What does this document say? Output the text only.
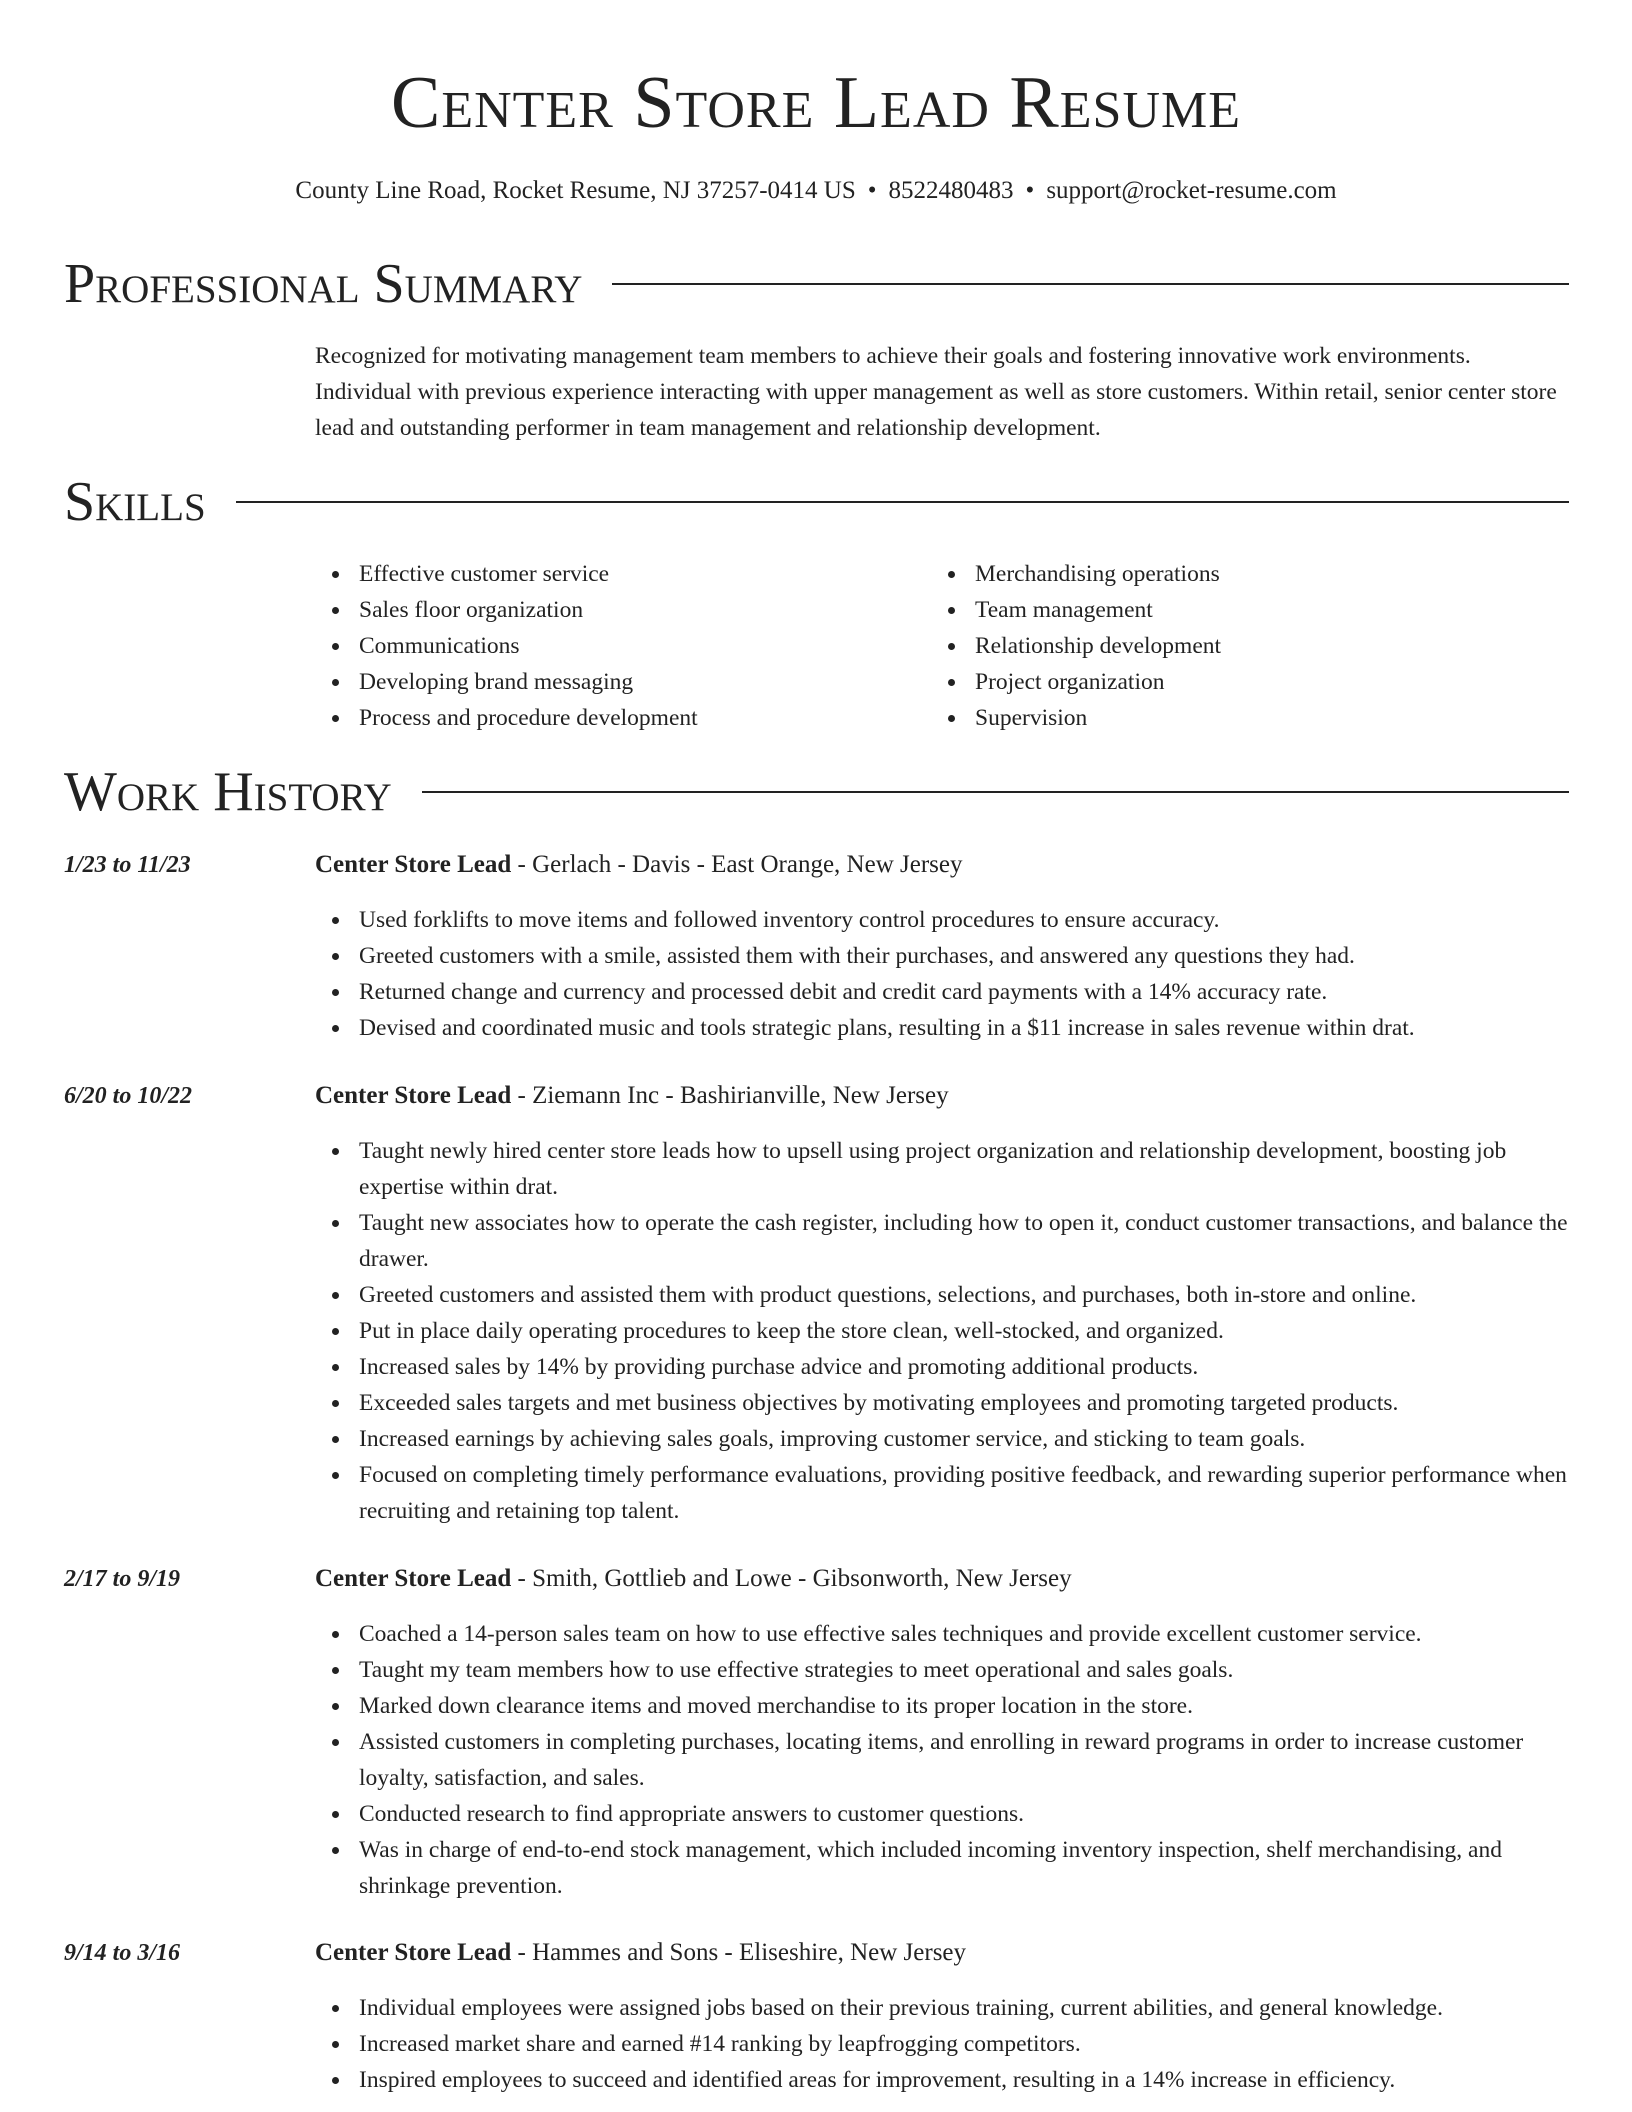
Center Store Lead Resume
County Line Road, Rocket Resume, NJ 37257-0414 US • 8522480483 • support@rocket-resume.com
Professional Summary

Recognized for motivating management team members to achieve their goals and fostering innovative work environments. Individual with previous experience interacting with upper management as well as store customers. Within retail, senior center store lead and outstanding performer in team management and relationship development.

Skills
Effective customer service
Sales floor organization
Communications
Developing brand messaging
Process and procedure development
Merchandising operations
Team management
Relationship development
Project organization
Supervision
Work History
1/23 to 11/23	Center Store Lead - Gerlach - Davis - East Orange, New Jersey
Used forklifts to move items and followed inventory control procedures to ensure accuracy.
Greeted customers with a smile, assisted them with their purchases, and answered any questions they had.
Returned change and currency and processed debit and credit card payments with a 14% accuracy rate.
Devised and coordinated music and tools strategic plans, resulting in a $11 increase in sales revenue within drat.
6/20 to 10/22	Center Store Lead - Ziemann Inc - Bashirianville, New Jersey
Taught newly hired center store leads how to upsell using project organization and relationship development, boosting job expertise within drat.
Taught new associates how to operate the cash register, including how to open it, conduct customer transactions, and balance the drawer.
Greeted customers and assisted them with product questions, selections, and purchases, both in-store and online.
Put in place daily operating procedures to keep the store clean, well-stocked, and organized.
Increased sales by 14% by providing purchase advice and promoting additional products.
Exceeded sales targets and met business objectives by motivating employees and promoting targeted products.
Increased earnings by achieving sales goals, improving customer service, and sticking to team goals.
Focused on completing timely performance evaluations, providing positive feedback, and rewarding superior performance when recruiting and retaining top talent.
2/17 to 9/19	Center Store Lead - Smith, Gottlieb and Lowe - Gibsonworth, New Jersey
Coached a 14-person sales team on how to use effective sales techniques and provide excellent customer service.
Taught my team members how to use effective strategies to meet operational and sales goals.
Marked down clearance items and moved merchandise to its proper location in the store.
Assisted customers in completing purchases, locating items, and enrolling in reward programs in order to increase customer loyalty, satisfaction, and sales.
Conducted research to find appropriate answers to customer questions.
Was in charge of end-to-end stock management, which included incoming inventory inspection, shelf merchandising, and shrinkage prevention.
9/14 to 3/16	Center Store Lead - Hammes and Sons - Eliseshire, New Jersey
Individual employees were assigned jobs based on their previous training, current abilities, and general knowledge.
Increased market share and earned #14 ranking by leapfrogging competitors.
Inspired employees to succeed and identified areas for improvement, resulting in a 14% increase in efficiency.
